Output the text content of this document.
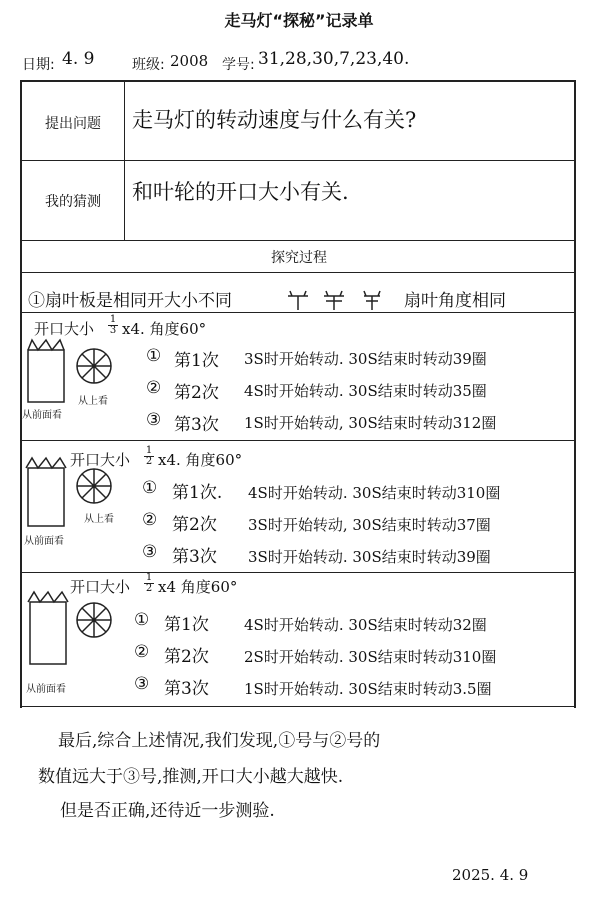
走马灯“探秘”记录单
日期: 4. 9	班级: 2008 学号: 31,28,30,7,23,40.
提出问题	走马灯的转动速度与什么有关?
我的猜测	和叶轮的开口大小有关.
探究过程
①扇叶板是相同开大小不同	扇叶角度相同
开口大小
1
3 x4. 角度60°
从前面看
从上看
① 第1次 3S时开始转动. 30S结束时转动39圈
② 第2次 4S时开始转动. 30S结束时转动35圈
③ 第3次 1S时开始转动, 30S结束时转动312圈
开口大小
1
2 x4. 角度60°
从前面看
从上看
① 第1次. 4S时开始转动. 30S结束时转动310圈
② 第2次 3S时开始转动, 30S结束时转动37圈
③ 第3次 3S时开始转动. 30S结束时转动39圈
开口大小
1
2 x4 角度60°
从前面看
① 第1次 4S时开始转动. 30S结束时转动32圈
② 第2次 2S时开始转动. 30S结束时转动310圈
③ 第3次 1S时开始转动. 30S结束时转动3.5圈
最后,综合上述情况,我们发现,①号与②号的
数值远大于③号,推测,开口大小越大越快.
但是否正确,还待近一步测验.
2025. 4. 9
